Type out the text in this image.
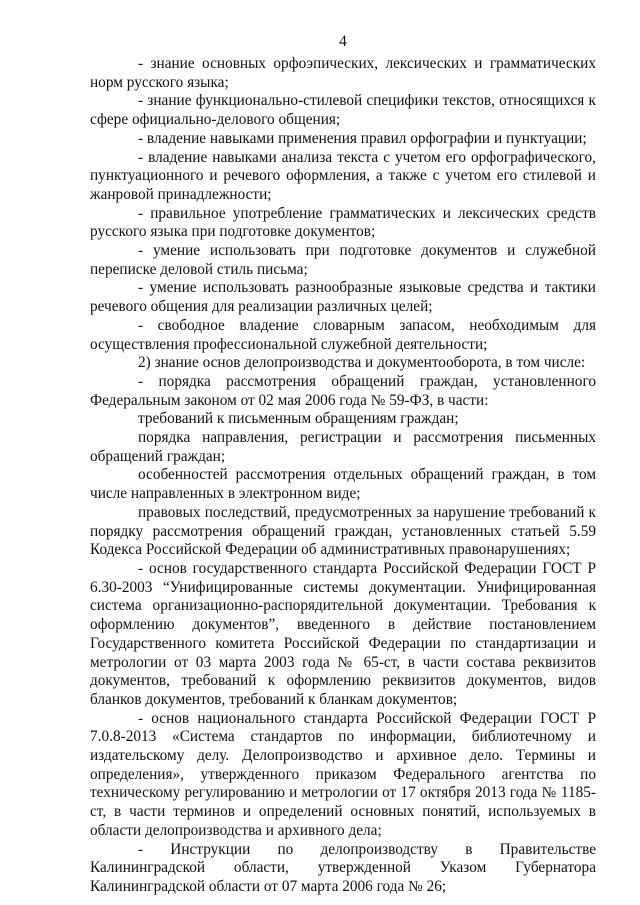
4

- знание основных орфоэпических, лексических и грамматических норм русского языка;

- знание функционально-стилевой специфики текстов, относящихся к сфере официально-делового общения;

- владение навыками применения правил орфографии и пунктуации;

- владение навыками анализа текста с учетом его орфографического, пунктуационного и речевого оформления, а также с учетом его стилевой и жанровой принадлежности;

- правильное употребление грамматических и лексических средств русского языка при подготовке документов;

- умение использовать при подготовке документов и служебной переписке деловой стиль письма;

- умение использовать разнообразные языковые средства и тактики речевого общения для реализации различных целей;

- свободное владение словарным запасом, необходимым для осуществления профессиональной служебной деятельности;

2) знание основ делопроизводства и документооборота, в том числе:

- порядка рассмотрения обращений граждан, установленного Федеральным законом от 02 мая 2006 года № 59-ФЗ, в части:

требований к письменным обращениям граждан;

порядка направления, регистрации и рассмотрения письменных обращений граждан;

особенностей рассмотрения отдельных обращений граждан, в том числе направленных в электронном виде;

правовых последствий, предусмотренных за нарушение требований к порядку рассмотрения обращений граждан, установленных статьей 5.59 Кодекса Российской Федерации об административных правонарушениях;

- основ государственного стандарта Российской Федерации ГОСТ Р 6.30-2003 “Унифицированные системы документации. Унифицированная система организационно-распорядительной документации. Требования к оформлению документов”, введенного в действие постановлением Государственного комитета Российской Федерации по стандартизации и метрологии от 03 марта 2003 года № 65-ст, в части состава реквизитов документов, требований к оформлению реквизитов документов, видов бланков документов, требований к бланкам документов;

- основ национального стандарта Российской Федерации ГОСТ Р 7.0.8-2013 «Система стандартов по информации, библиотечному и издательскому делу. Делопроизводство и архивное дело. Термины и определения», утвержденного приказом Федерального агентства по техническому регулированию и метрологии от 17 октября 2013 года № 1185-ст, в части терминов и определений основных понятий, используемых в области делопроизводства и архивного дела;

- Инструкции по делопроизводству в Правительстве Калининградской области, утвержденной Указом Губернатора Калининградской области от 07 марта 2006 года № 26;
